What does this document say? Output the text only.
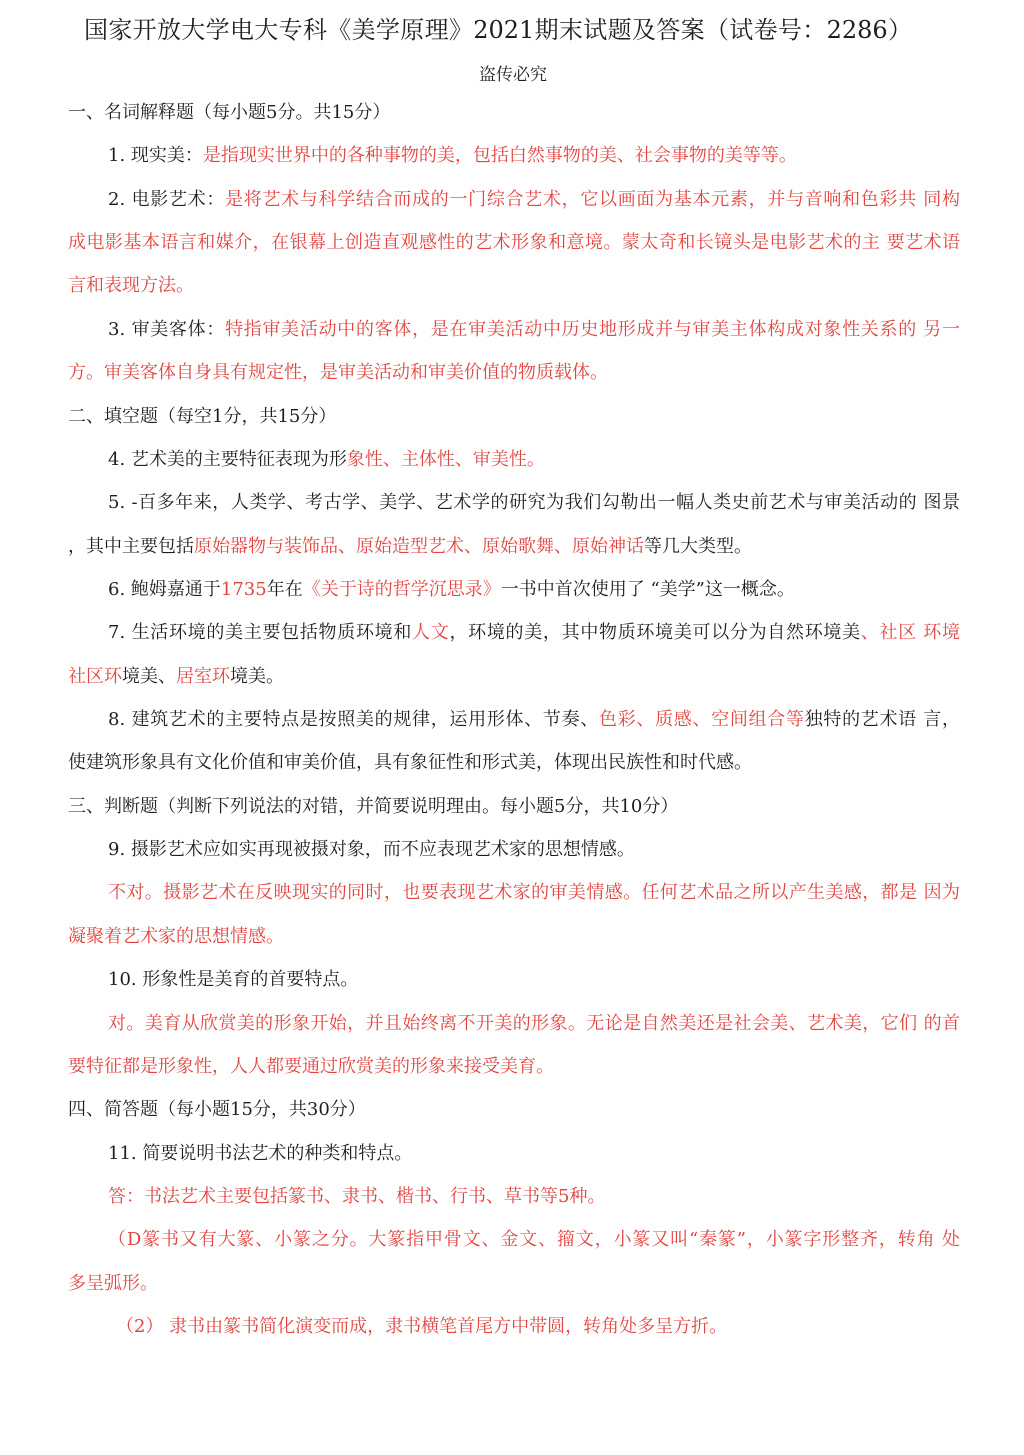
国家开放大学电大专科《美学原理》2021期末试题及答案（试卷号：2286）
盗传必究
一、名词解释题（每小题5分。共15分）
1. 现实美：是指现实世界中的各种事物的美，包括白然事物的美、社会事物的美等等。
2. 电影艺术：是将艺术与科学结合而成的一门综合艺术，它以画面为基本元素，并与音响和色彩共 同构
成电影基本语言和媒介，在银幕上创造直观感性的艺术形象和意境。蒙太奇和长镜头是电影艺术的主 要艺术语
言和表现方法。
3. 审美客体：特指审美活动中的客体，是在审美活动中历史地形成并与审美主体构成对象性关系的 另一
方。审美客体自身具有规定性，是审美活动和审美价值的物质载体。
二、填空题（每空1分，共15分）
4. 艺术美的主要特征表现为形象性、主体性、审美性。
5. -百多年来，人类学、考古学、美学、艺术学的研究为我们勾勒出一幅人类史前艺术与审美活动的 图景
，其中主要包括原始器物与装饰品、原始造型艺术、原始歌舞、原始神话等几大类型。
6. 鲍姆嘉通于1735年在《关于诗的哲学沉思录》一书中首次使用了 “美学”这一概念。
7. 生活环境的美主要包括物质环境和人文，环境的美，其中物质环境美可以分为自然环境美、社区 环境
社区环境美、居室环境美。
8. 建筑艺术的主要特点是按照美的规律，运用形体、节奏、色彩、质感、空间组合等独特的艺术语 言，
使建筑形象具有文化价值和审美价值，具有象征性和形式美，体现出民族性和时代感。
三、判断题（判断下列说法的对错，并简要说明理由。每小题5分，共10分）
9. 摄影艺术应如实再现被摄对象，而不应表现艺术家的思想情感。
不对。摄影艺术在反映现实的同时，也要表现艺术家的审美情感。任何艺术品之所以产生美感，都是 因为
凝聚着艺术家的思想情感。
10. 形象性是美育的首要特点。
对。美育从欣赏美的形象开始，并且始终离不开美的形象。无论是自然美还是社会美、艺术美，它们 的首
要特征都是形象性，人人都要通过欣赏美的形象来接受美育。
四、简答题（每小题15分，共30分）
11. 简要说明书法艺术的种类和特点。
答：书法艺术主要包括篆书、隶书、楷书、行书、草书等5种。
（D篆书又有大篆、小篆之分。大篆指甲骨文、金文、籀文，小篆又叫“秦篆”，小篆字形整齐，转角 处
多呈弧形。
（2） 隶书由篆书简化演变而成，隶书横笔首尾方中带圆，转角处多呈方折。
